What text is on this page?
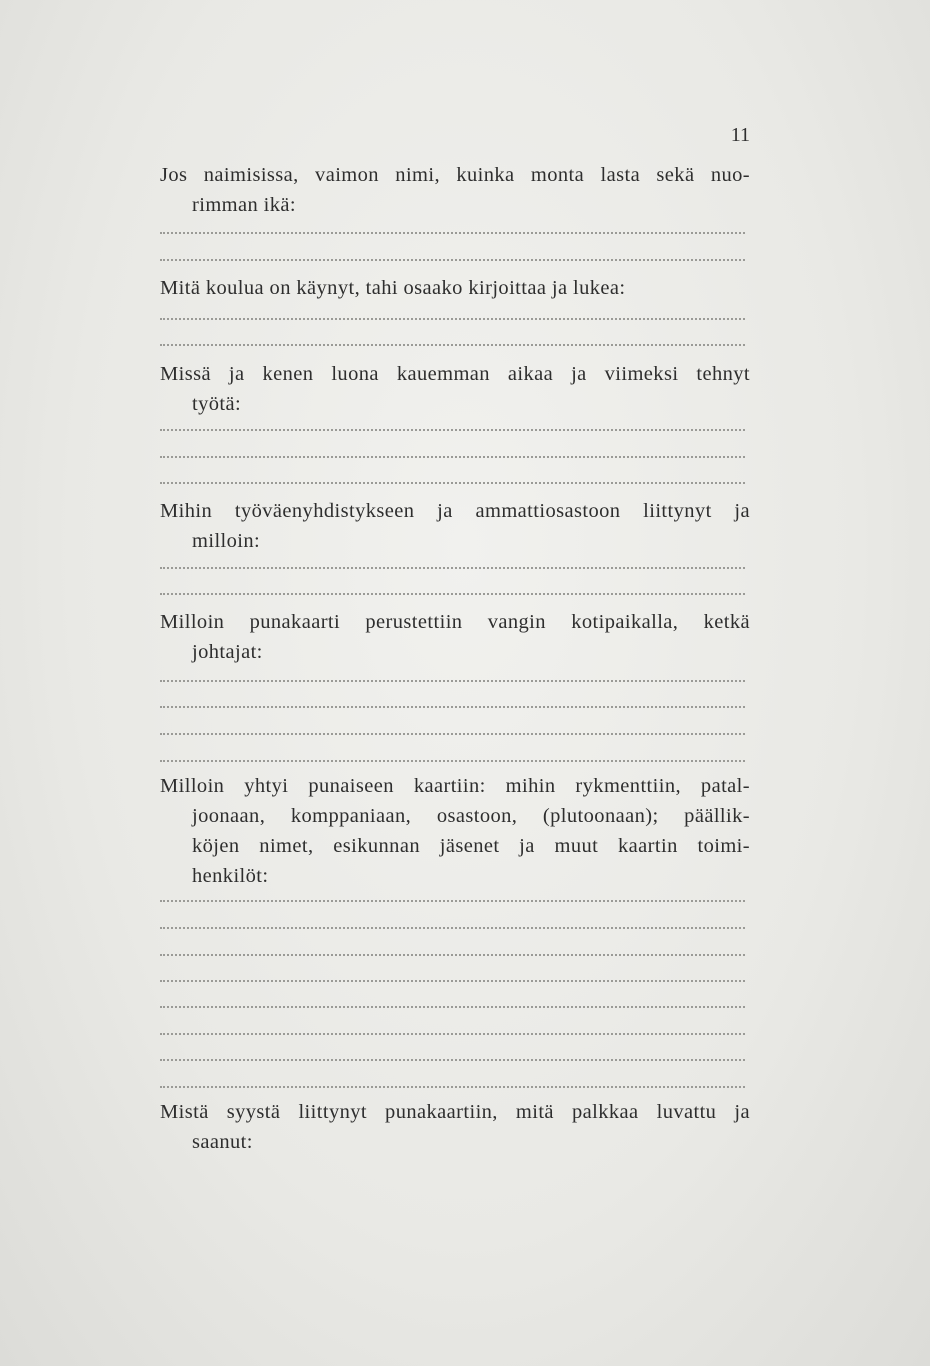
11
Jos naimisissa, vaimon nimi, kuinka monta lasta sekä nuo-
rimman ikä:
Mitä koulua on käynyt, tahi osaako kirjoittaa ja lukea:
Missä ja kenen luona kauemman aikaa ja viimeksi tehnyt
työtä:
Mihin työväenyhdistykseen ja ammattiosastoon liittynyt ja
milloin:
Milloin punakaarti perustettiin vangin kotipaikalla, ketkä
johtajat:
Milloin yhtyi punaiseen kaartiin: mihin rykmenttiin, patal-
joonaan, komppaniaan, osastoon, (plutoonaan); päällik-
köjen nimet, esikunnan jäsenet ja muut kaartin toimi-
henkilöt:
Mistä syystä liittynyt punakaartiin, mitä palkkaa luvattu ja
saanut:
